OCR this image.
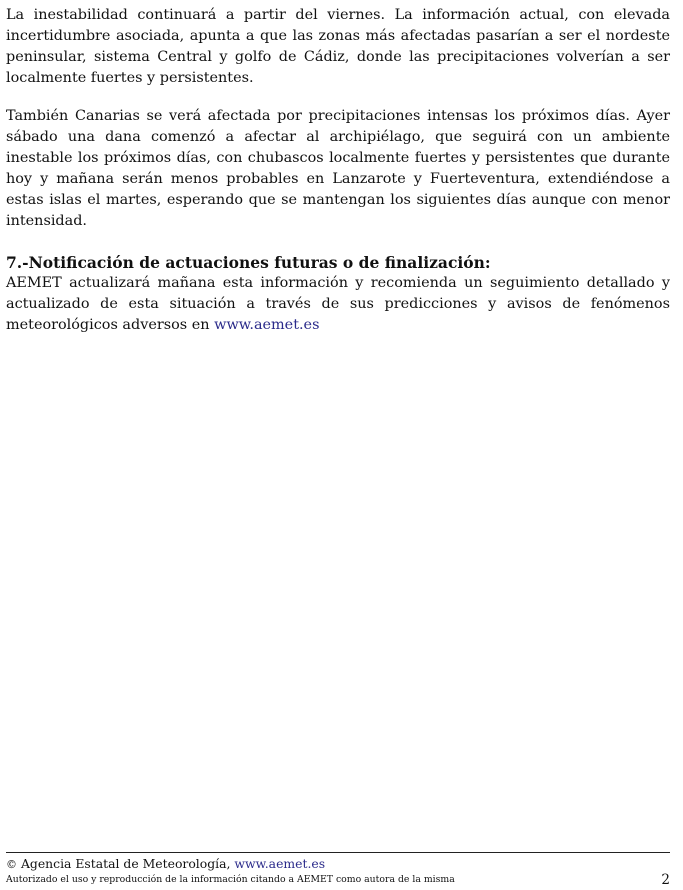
La inestabilidad continuará a partir del viernes. La información actual, con elevada incertidumbre asociada, apunta a que las zonas más afectadas pasarían a ser el nordeste peninsular, sistema Central y golfo de Cádiz, donde las precipitaciones volverían a ser localmente fuertes y persistentes.

También Canarias se verá afectada por precipitaciones intensas los próximos días. Ayer sábado una dana comenzó a afectar al archipiélago, que seguirá con un ambiente inestable los próximos días, con chubascos localmente fuertes y persistentes que durante hoy y mañana serán menos probables en Lanzarote y Fuerteventura, extendiéndose a estas islas el martes, esperando que se mantengan los siguientes días aunque con menor intensidad.

7.-Notificación de actuaciones futuras o de finalización:

AEMET actualizará mañana esta información y recomienda un seguimiento detallado y actualizado de esta situación a través de sus predicciones y avisos de fenómenos meteorológicos adversos en www.aemet.es

© Agencia Estatal de Meteorología, www.aemet.es
Autorizado el uso y reproducción de la información citando a AEMET como autora de la misma	2
